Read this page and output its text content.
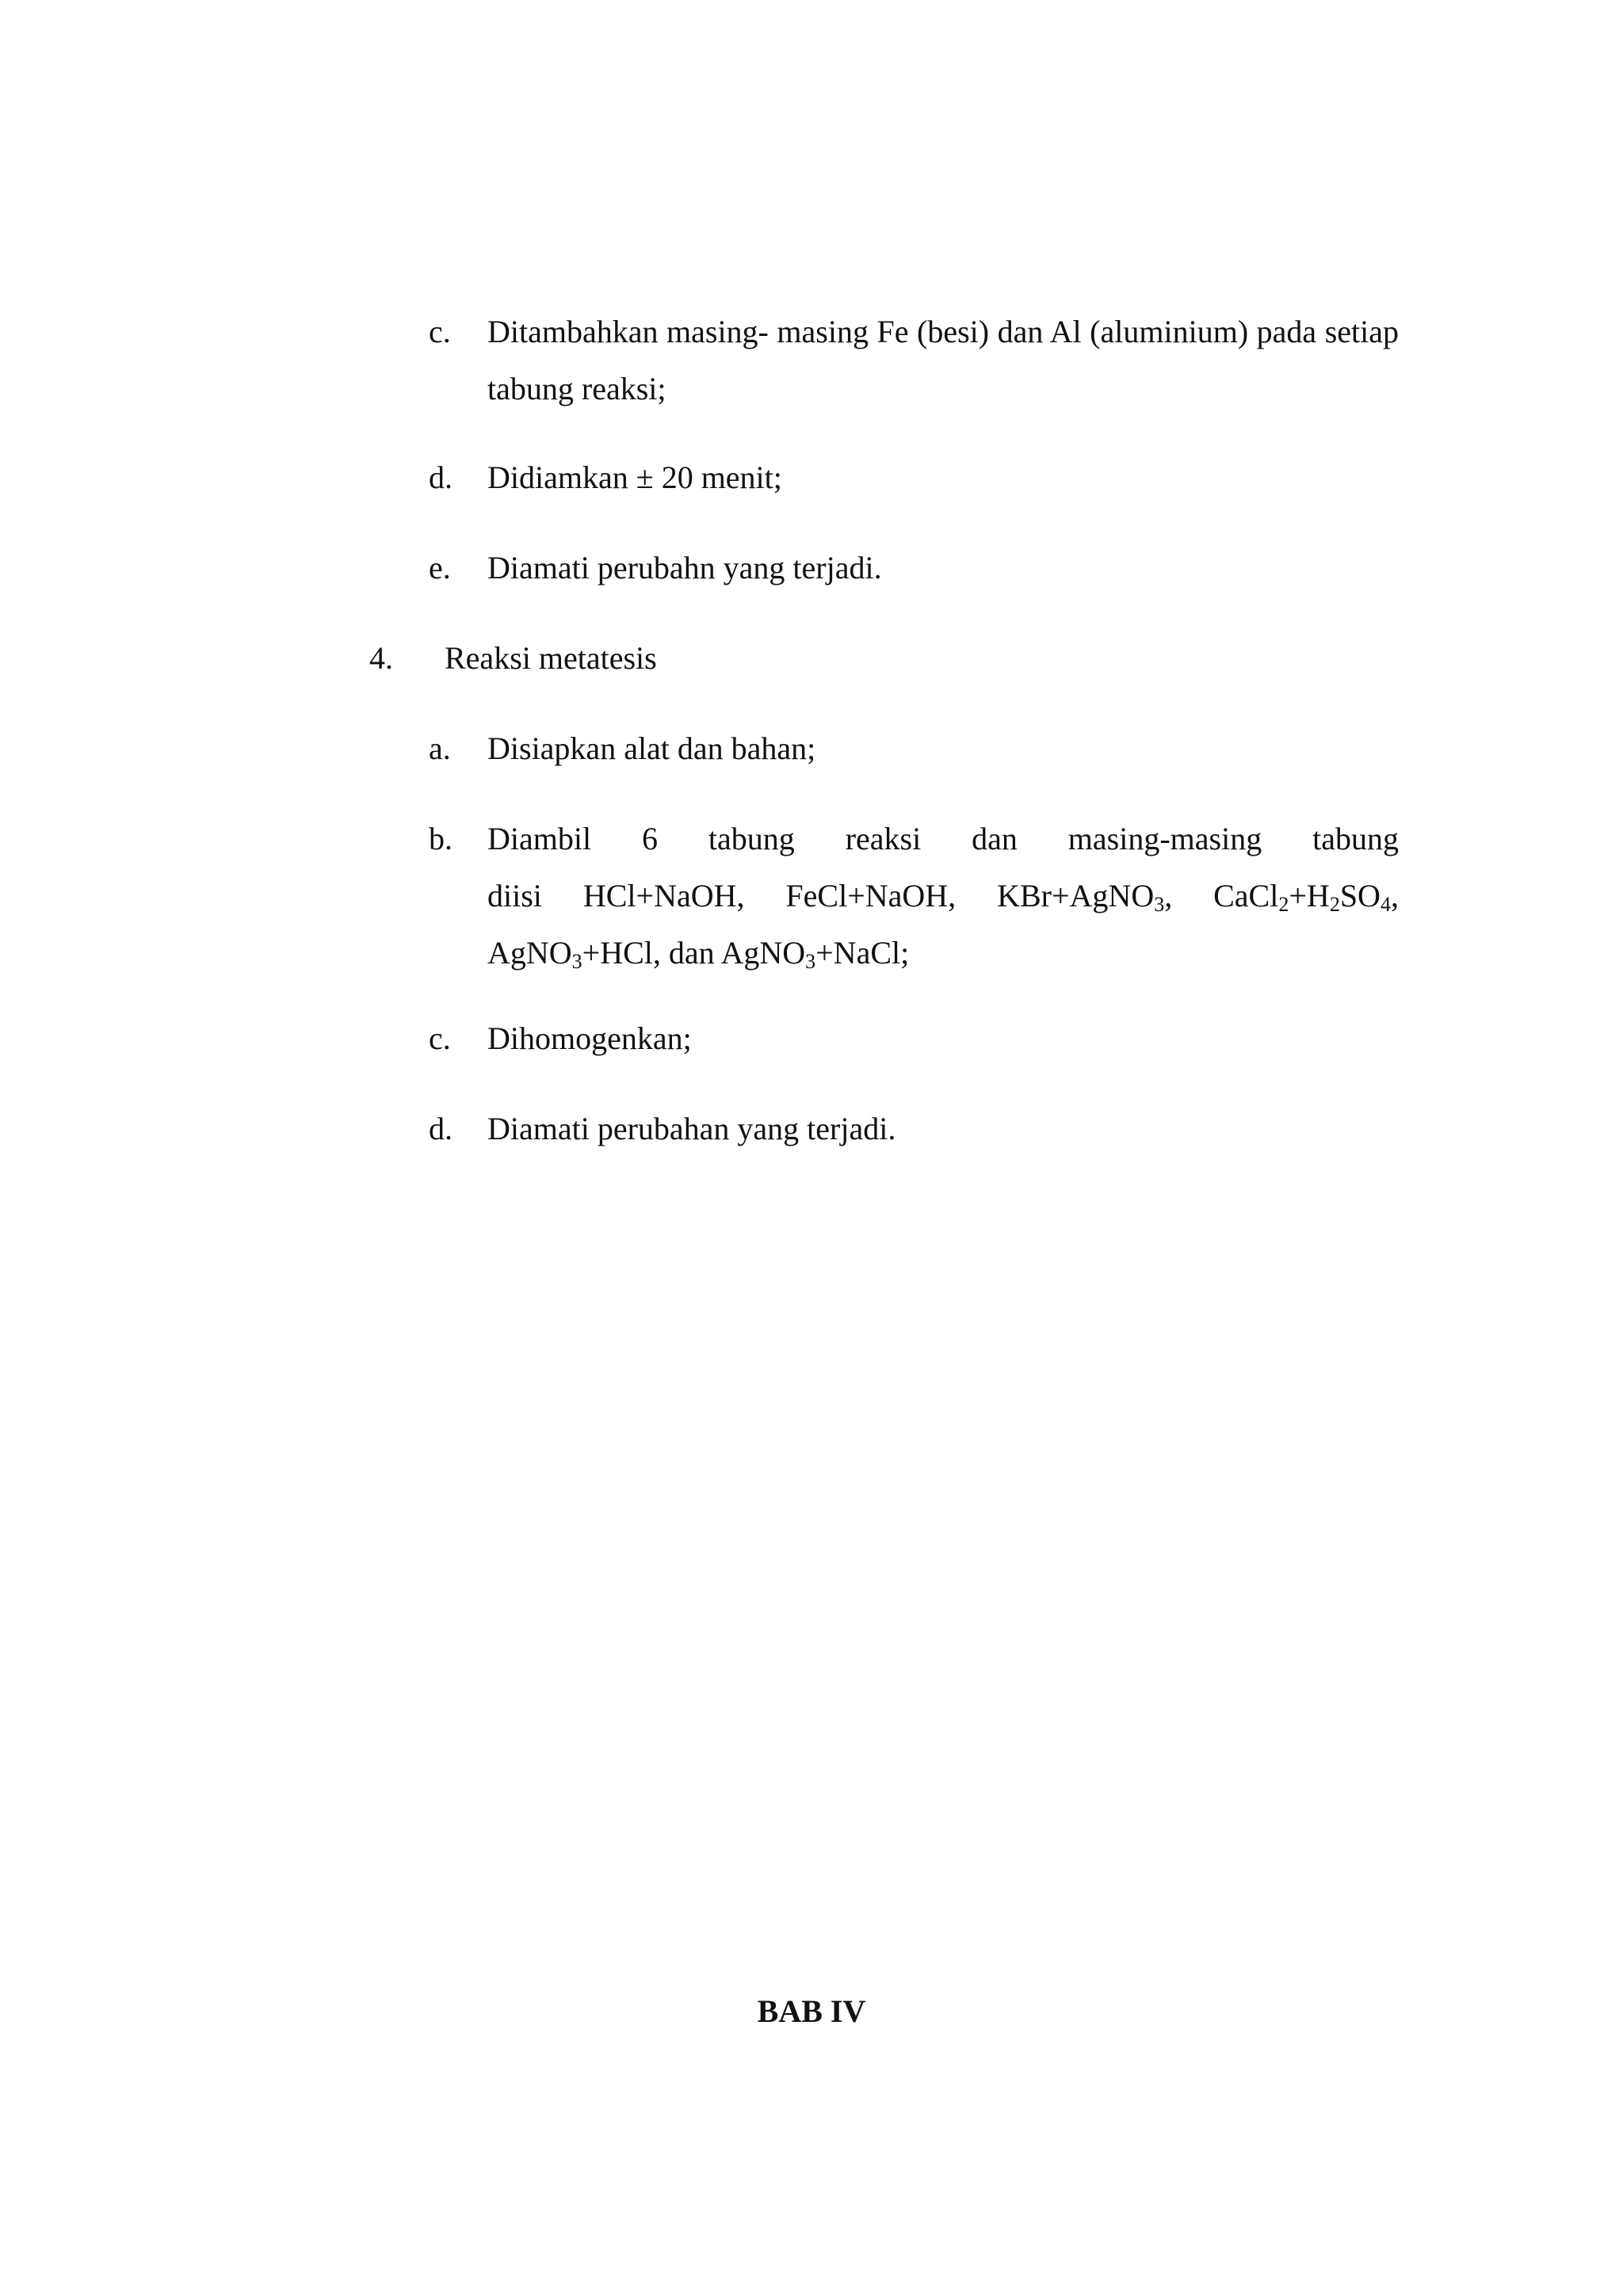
c. Ditambahkan masing- masing Fe (besi) dan Al (aluminium) pada setiap tabung reaksi;
d. Didiamkan ± 20 menit;
e. Diamati perubahn yang terjadi.
4. Reaksi metatesis
a. Disiapkan alat dan bahan;
b. Diambil 6 tabung reaksi dan masing-masing tabung
diisi HCl+NaOH, FeCl+NaOH, KBr+AgNO$_3$, $CaCl_2+H_2SO_4$,
AgNO$_3$+HCl, dan AgNO$_3$+NaCl;
c. Dihomogenkan;
d. Diamati perubahan yang terjadi.
BAB IV
